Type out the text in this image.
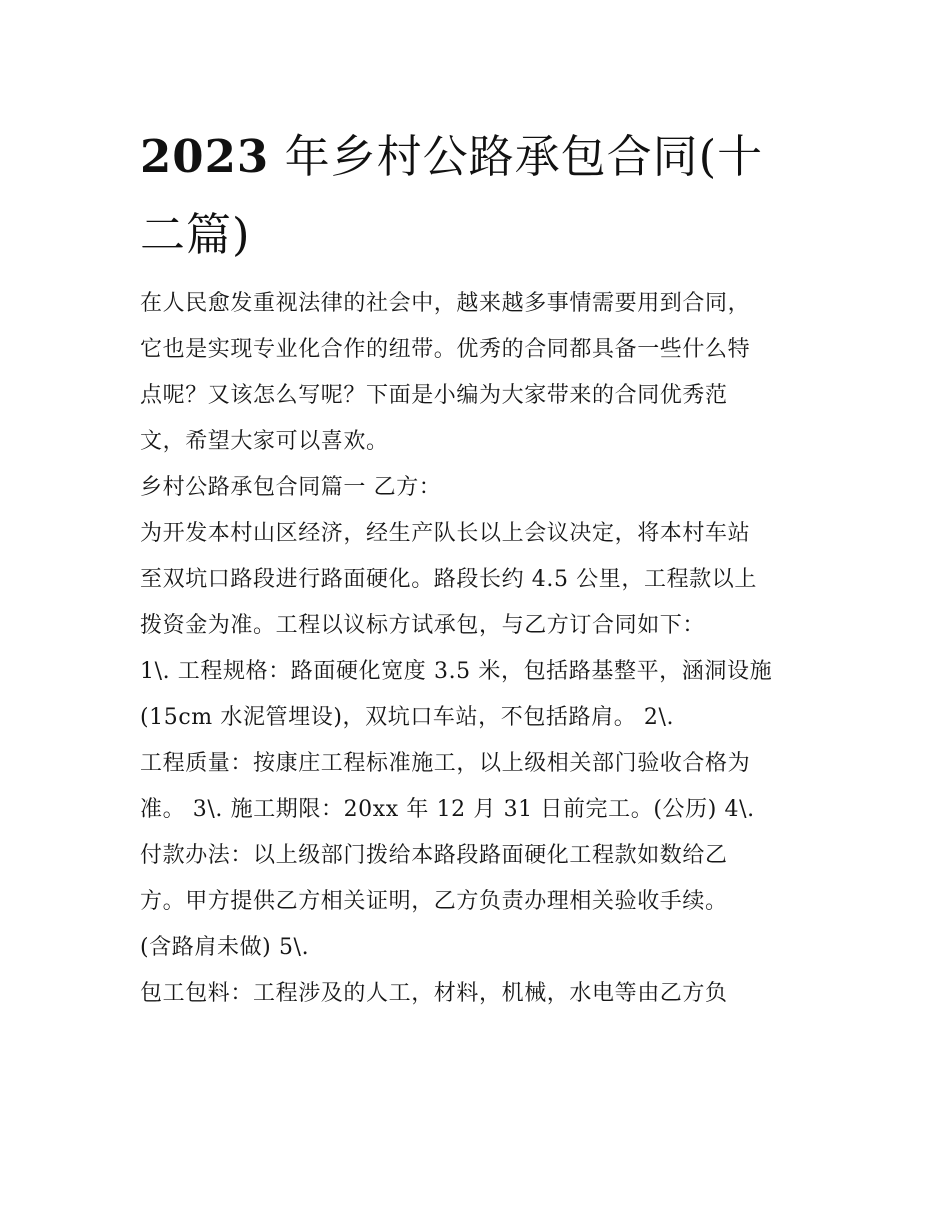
2023 年乡村公路承包合同(十
二篇)

在人民愈发重视法律的社会中，越来越多事情需要用到合同，

它也是实现专业化合作的纽带。优秀的合同都具备一些什么特

点呢？又该怎么写呢？下面是小编为大家带来的合同优秀范

文，希望大家可以喜欢。

乡村公路承包合同篇一 乙方：

为开发本村山区经济，经生产队长以上会议决定，将本村车站

至双坑口路段进行路面硬化。路段长约 4.5 公里，工程款以上

拨资金为准。工程以议标方试承包，与乙方订合同如下：

1\. 工程规格：路面硬化宽度 3.5 米，包括路基整平，涵洞设施

(15cm 水泥管埋设)，双坑口车站，不包括路肩。 2\.

工程质量：按康庄工程标准施工，以上级相关部门验收合格为

准。 3\. 施工期限：20xx 年 12 月 31 日前完工。(公历) 4\.

付款办法：以上级部门拨给本路段路面硬化工程款如数给乙

方。甲方提供乙方相关证明，乙方负责办理相关验收手续。

(含路肩未做) 5\.

包工包料：工程涉及的人工，材料，机械，水电等由乙方负
